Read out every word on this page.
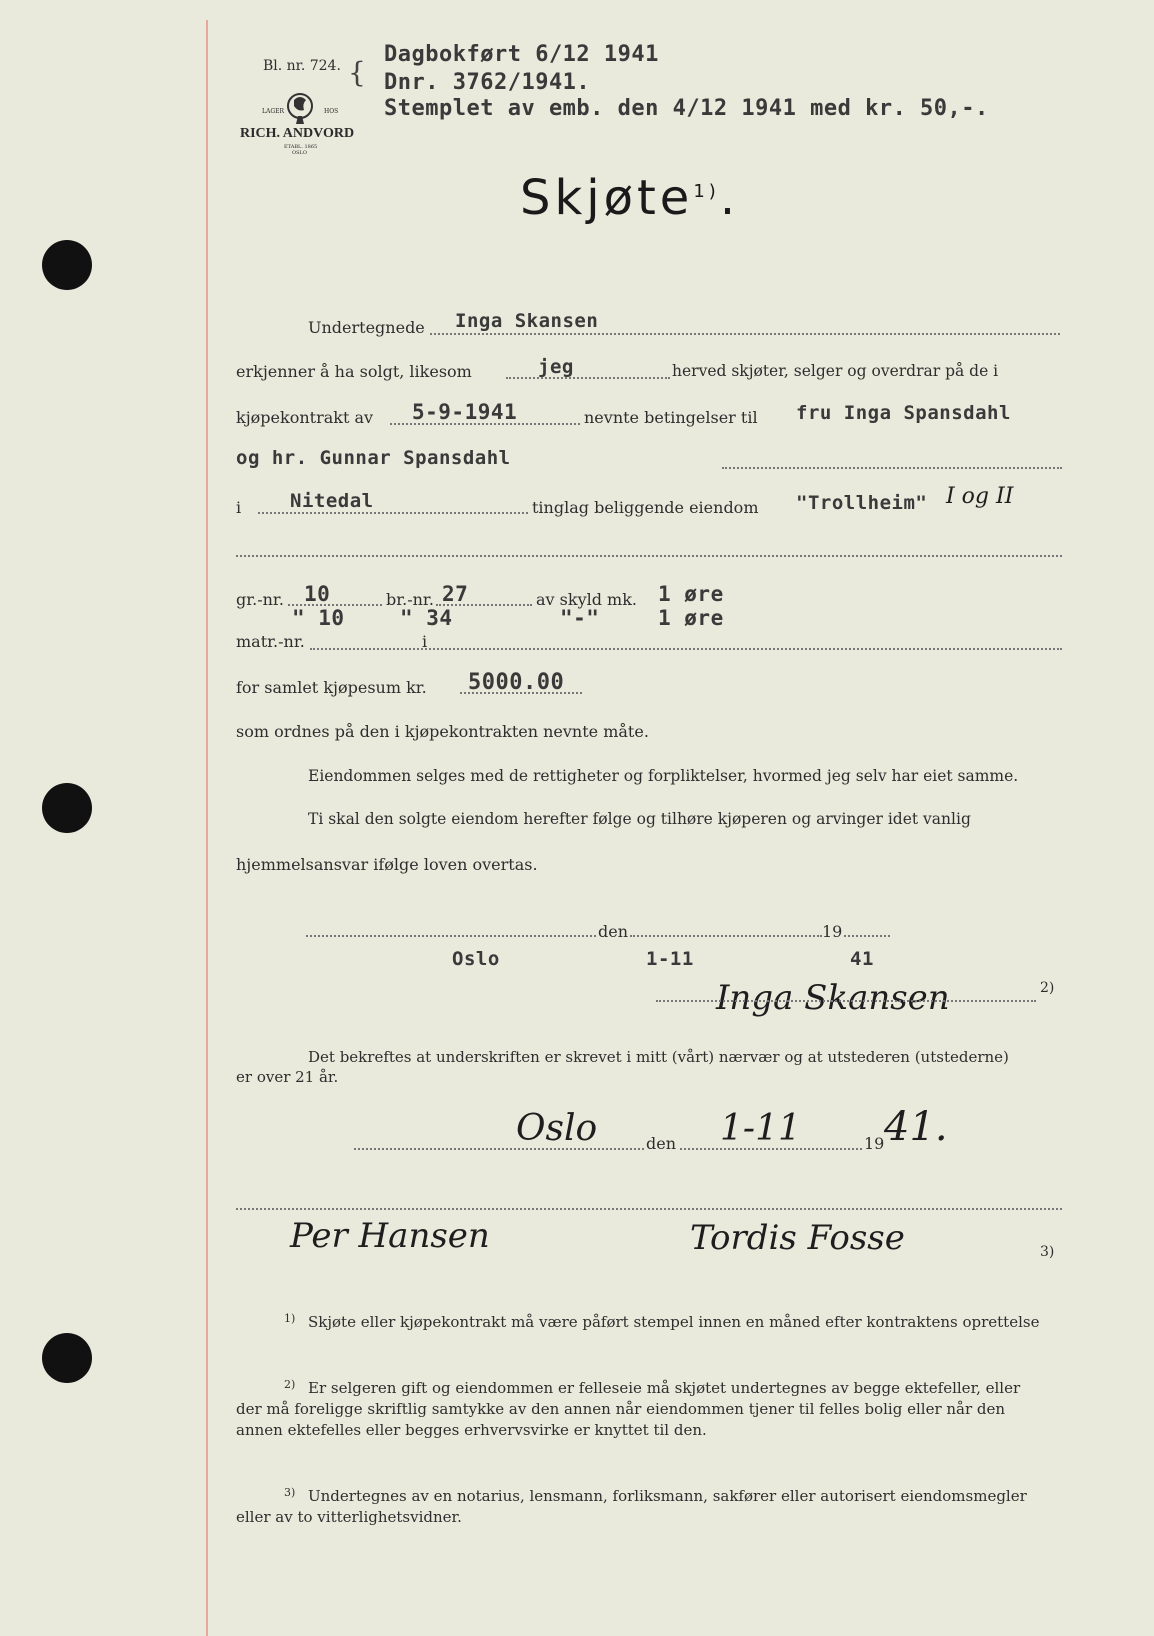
Bl. nr. 724. {
Dagbokført 6/12 1941
Dnr. 3762/1941.
Stemplet av emb. den 4/12 1941 med kr. 50,-.
LAGER	HOS
RICH. ANDVORD
ETABL. 1865
OSLO
Skjøte$^{1)}$.
Undertegnede Inga Skansen
erkjenner å ha solgt, likesom	jeg	herved skjøter, selger og overdrar på de i
kjøpekontrakt av 5-9-1941	nevnte betingelser til fru Inga Spansdahl
og hr. Gunnar Spansdahl
i	Nitedal	tinglag beliggende eiendom "Trollheim" I og II
gr.-nr. 10	br.-nr. 27	av skyld mk. 1 øre
" 10	" 34	"-"	1 øre
matr.-nr.	i
for samlet kjøpesum kr. 5000.00
som ordnes på den i kjøpekontrakten nevnte måte.
Eiendommen selges med de rettigheter og forpliktelser, hvormed jeg selv har eiet samme.
Ti skal den solgte eiendom herefter følge og tilhøre kjøperen og arvinger idet vanlig
hjemmelsansvar ifølge loven overtas.
den	19
Oslo	1-11	41
Inga Skansen	2)
Det bekreftes at underskriften er skrevet i mitt (vårt) nærvær og at utstederen (utstederne)
er over 21 år.
Oslo	den 1-11	19 41.
Per Hansen	Tordis Fosse	3)
1) Skjøte eller kjøpekontrakt må være påført stempel innen en måned efter kontraktens oprettelse
2) Er selgeren gift og eiendommen er felleseie må skjøtet undertegnes av begge ektefeller, eller
der må foreligge skriftlig samtykke av den annen når eiendommen tjener til felles bolig eller når den
annen ektefelles eller begges erhvervsvirke er knyttet til den.
3) Undertegnes av en notarius, lensmann, forliksmann, sakfører eller autorisert eiendomsmegler
eller av to vitterlighetsvidner.
